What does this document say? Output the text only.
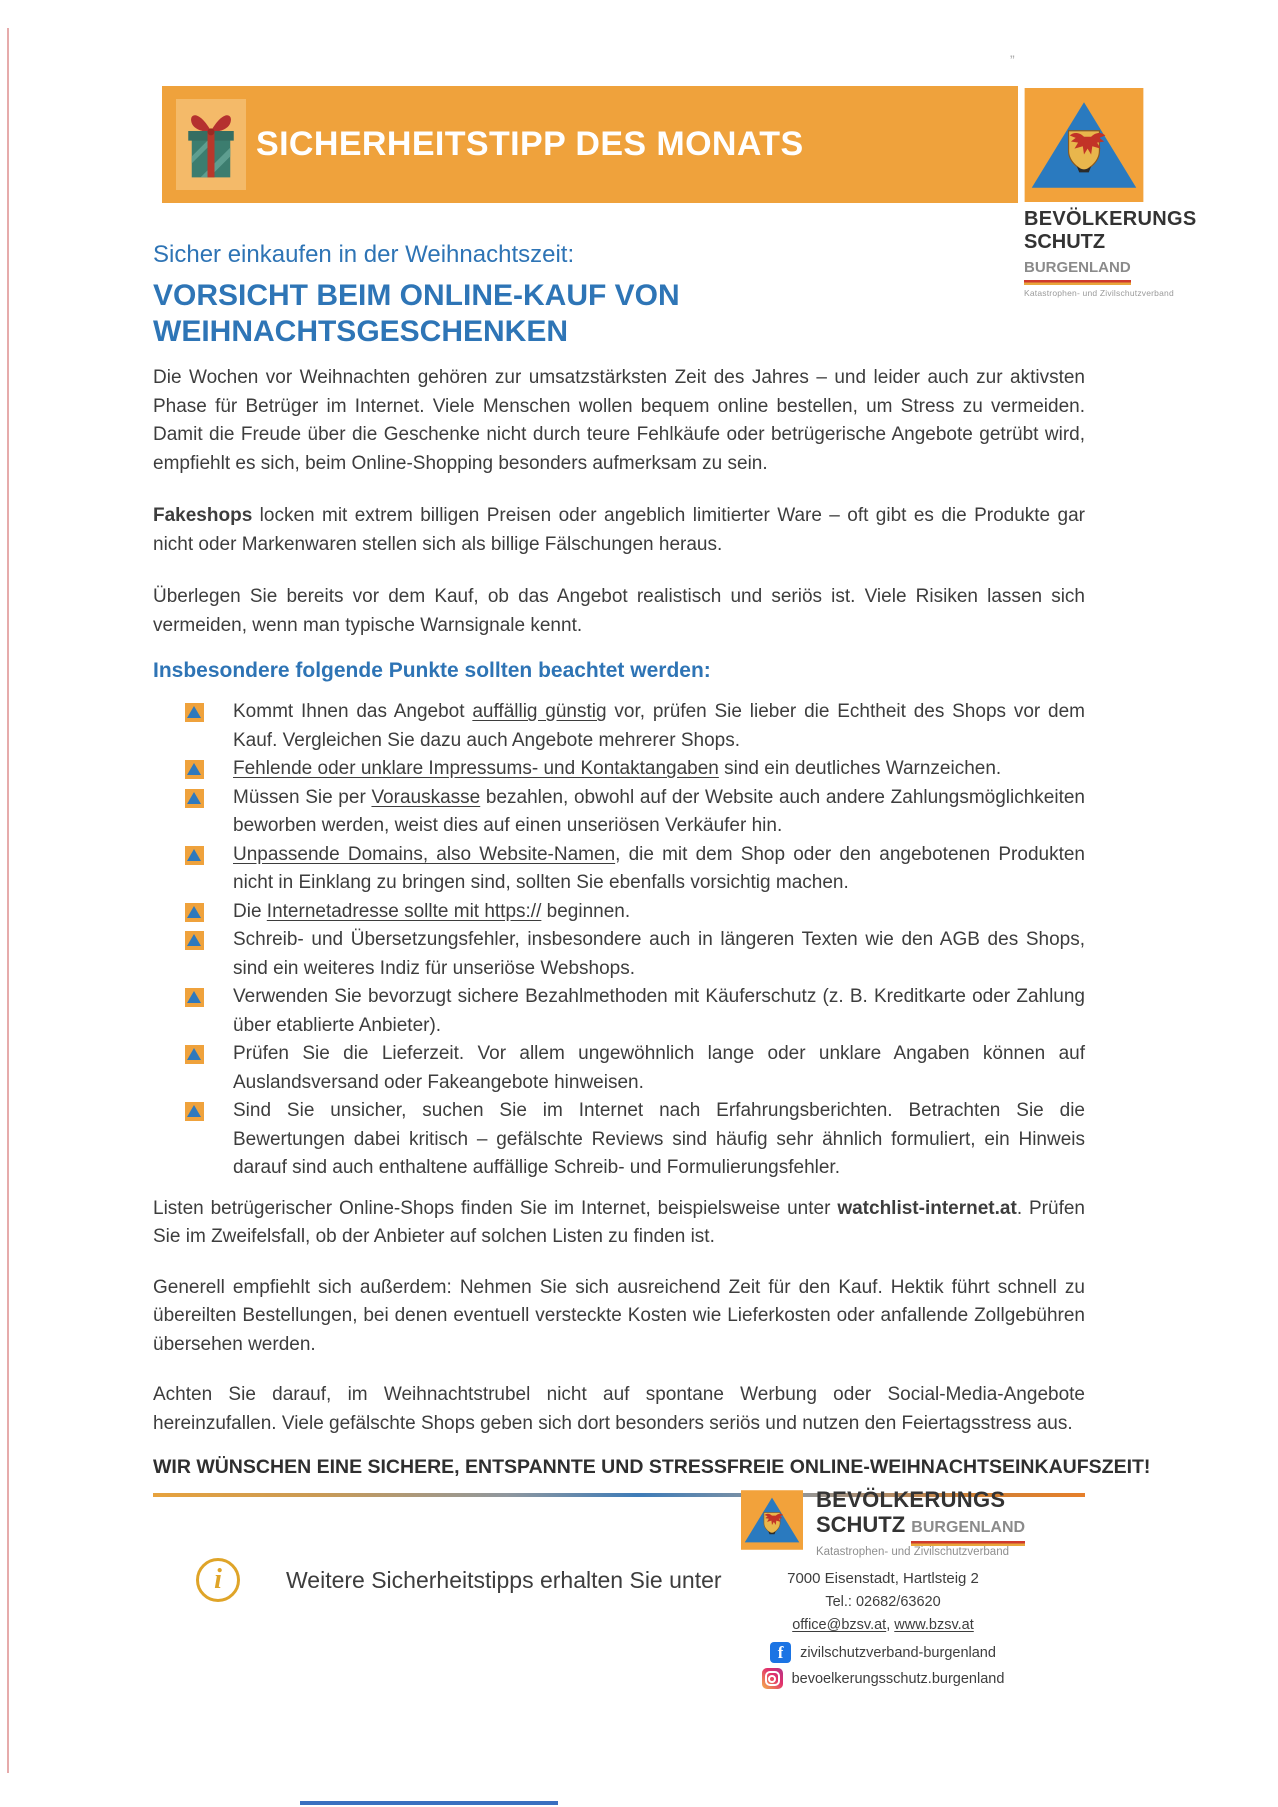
”
SICHERHEITSTIPP DES MONATS
BEVÖLKERUNGS
SCHUTZ BURGENLAND
Katastrophen- und Zivilschutzverband
Sicher einkaufen in der Weihnachtszeit:
VORSICHT BEIM ONLINE-KAUF VON WEIHNACHTSGESCHENKEN

Die Wochen vor Weihnachten gehören zur umsatzstärksten Zeit des Jahres – und leider auch zur aktivsten Phase für Betrüger im Internet. Viele Menschen wollen bequem online bestellen, um Stress zu vermeiden. Damit die Freude über die Geschenke nicht durch teure Fehlkäufe oder betrügerische Angebote getrübt wird, empfiehlt es sich, beim Online-Shopping besonders aufmerksam zu sein.

Fakeshops locken mit extrem billigen Preisen oder angeblich limitierter Ware – oft gibt es die Produkte gar nicht oder Markenwaren stellen sich als billige Fälschungen heraus.

Überlegen Sie bereits vor dem Kauf, ob das Angebot realistisch und seriös ist. Viele Risiken lassen sich vermeiden, wenn man typische Warnsignale kennt.

Insbesondere folgende Punkte sollten beachtet werden:
Kommt Ihnen das Angebot auffällig günstig vor, prüfen Sie lieber die Echtheit des Shops vor dem Kauf. Vergleichen Sie dazu auch Angebote mehrerer Shops.
Fehlende oder unklare Impressums- und Kontaktangaben sind ein deutliches Warnzeichen.
Müssen Sie per Vorauskasse bezahlen, obwohl auf der Website auch andere Zahlungsmöglichkeiten beworben werden, weist dies auf einen unseriösen Verkäufer hin.
Unpassende Domains, also Website-Namen, die mit dem Shop oder den angebotenen Produkten nicht in Einklang zu bringen sind, sollten Sie ebenfalls vorsichtig machen.
Die Internetadresse sollte mit https:// beginnen.
Schreib- und Übersetzungsfehler, insbesondere auch in längeren Texten wie den AGB des Shops, sind ein weiteres Indiz für unseriöse Webshops.
Verwenden Sie bevorzugt sichere Bezahlmethoden mit Käuferschutz (z. B. Kreditkarte oder Zahlung über etablierte Anbieter).
Prüfen Sie die Lieferzeit. Vor allem ungewöhnlich lange oder unklare Angaben können auf Auslandsversand oder Fakeangebote hinweisen.
Sind Sie unsicher, suchen Sie im Internet nach Erfahrungsberichten. Betrachten Sie die Bewertungen dabei kritisch – gefälschte Reviews sind häufig sehr ähnlich formuliert, ein Hinweis darauf sind auch enthaltene auffällige Schreib- und Formulierungsfehler.

Listen betrügerischer Online-Shops finden Sie im Internet, beispielsweise unter watchlist-internet.at. Prüfen Sie im Zweifelsfall, ob der Anbieter auf solchen Listen zu finden ist.

Generell empfiehlt sich außerdem: Nehmen Sie sich ausreichend Zeit für den Kauf. Hektik führt schnell zu übereilten Bestellungen, bei denen eventuell versteckte Kosten wie Lieferkosten oder anfallende Zollgebühren übersehen werden.

Achten Sie darauf, im Weihnachtstrubel nicht auf spontane Werbung oder Social-Media-Angebote hereinzufallen. Viele gefälschte Shops geben sich dort besonders seriös und nutzen den Feiertagsstress aus.

WIR WÜNSCHEN EINE SICHERE, ENTSPANNTE UND STRESSFREIE ONLINE-WEIHNACHTSEINKAUFSZEIT!
i	Weitere Sicherheitstipps erhalten Sie unter
BEVÖLKERUNGS
SCHUTZ BURGENLAND
Katastrophen- und Zivilschutzverband
7000 Eisenstadt, Hartlsteig 2
Tel.: 02682/63620
office@bzsv.at, www.bzsv.at
f	zivilschutzverband-burgenland
bevoelkerungsschutz.burgenland
